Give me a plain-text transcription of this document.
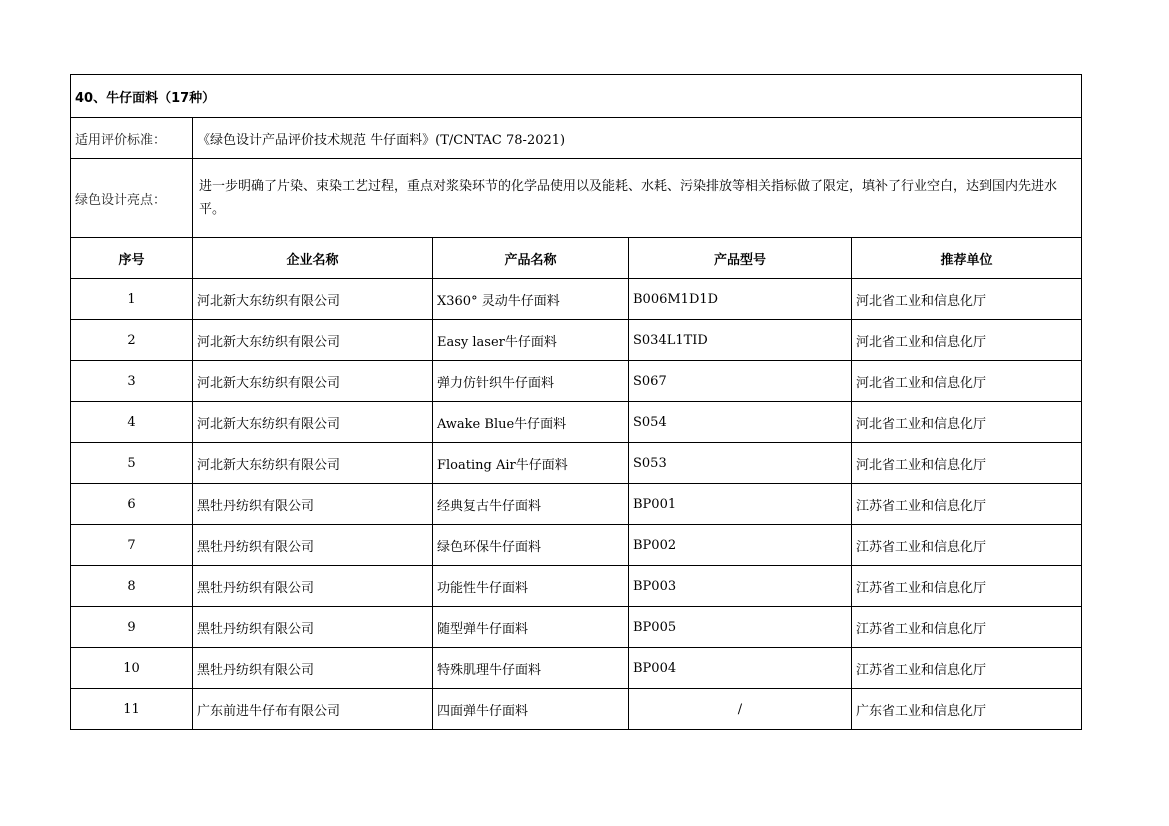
40、牛仔面料（17种）				
适用评价标准：	《绿色设计产品评价技术规范 牛仔面料》(T/CNTAC 78-2021)			
绿色设计亮点：	进一步明确了片染、束染工艺过程，重点对浆染环节的化学品使用以及能耗、水耗、污染排放等相关指标做了限定，填补了行业空白，达到国内先进水平。			
序号	企业名称	产品名称	产品型号	推荐单位
1	河北新大东纺织有限公司	X360° 灵动牛仔面料	B006M1D1D	河北省工业和信息化厅
2	河北新大东纺织有限公司	Easy laser牛仔面料	S034L1TID	河北省工业和信息化厅
3	河北新大东纺织有限公司	弹力仿针织牛仔面料	S067	河北省工业和信息化厅
4	河北新大东纺织有限公司	Awake Blue牛仔面料	S054	河北省工业和信息化厅
5	河北新大东纺织有限公司	Floating Air牛仔面料	S053	河北省工业和信息化厅
6	黑牡丹纺织有限公司	经典复古牛仔面料	BP001	江苏省工业和信息化厅
7	黑牡丹纺织有限公司	绿色环保牛仔面料	BP002	江苏省工业和信息化厅
8	黑牡丹纺织有限公司	功能性牛仔面料	BP003	江苏省工业和信息化厅
9	黑牡丹纺织有限公司	随型弹牛仔面料	BP005	江苏省工业和信息化厅
10	黑牡丹纺织有限公司	特殊肌理牛仔面料	BP004	江苏省工业和信息化厅
11	广东前进牛仔布有限公司	四面弹牛仔面料	/	广东省工业和信息化厅
